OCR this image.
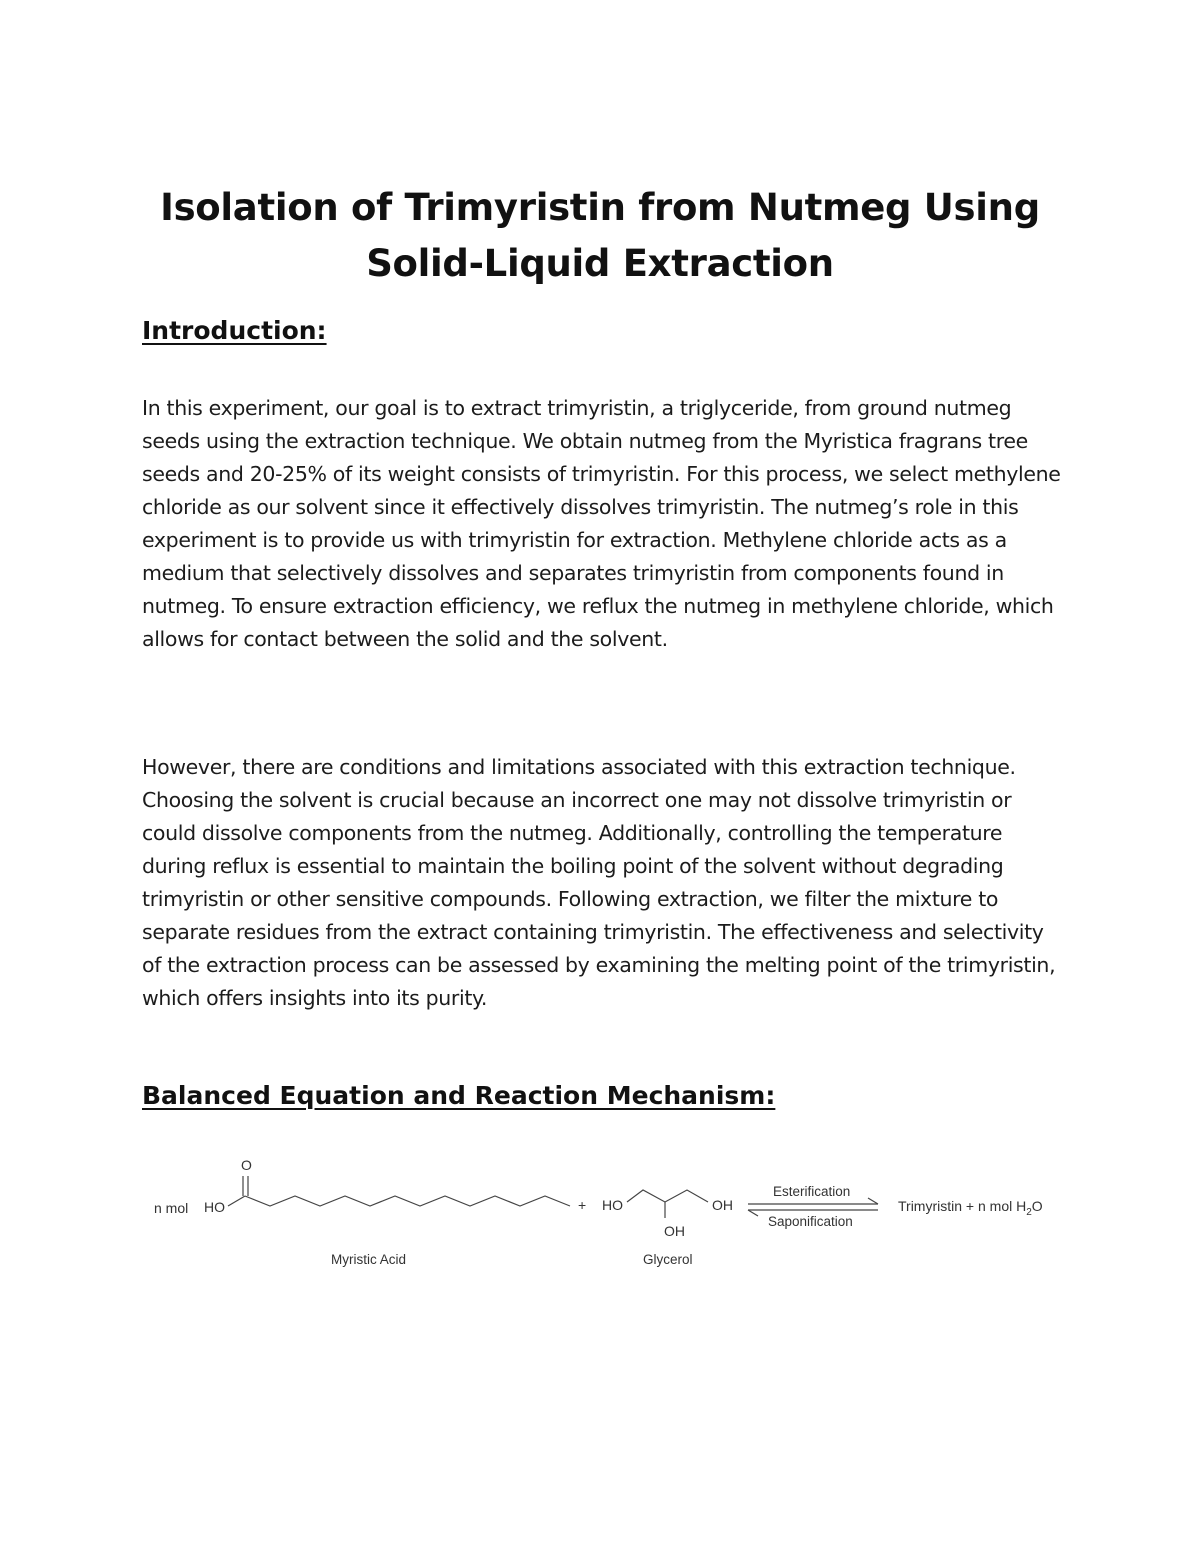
Isolation of Trimyristin from Nutmeg Using Solid-Liquid Extraction
Introduction:

In this experiment, our goal is to extract trimyristin, a triglyceride, from ground nutmeg seeds using the extraction technique. We obtain nutmeg from the Myristica fragrans tree seeds and 20-25% of its weight consists of trimyristin. For this process, we select methylene chloride as our solvent since it effectively dissolves trimyristin. The nutmeg’s role in this experiment is to provide us with trimyristin for extraction. Methylene chloride acts as a medium that selectively dissolves and separates trimyristin from components found in nutmeg. To ensure extraction efficiency, we reflux the nutmeg in methylene chloride, which allows for contact between the solid and the solvent.

However, there are conditions and limitations associated with this extraction technique. Choosing the solvent is crucial because an incorrect one may not dissolve trimyristin or could dissolve components from the nutmeg. Additionally, controlling the temperature during reflux is essential to maintain the boiling point of the solvent without degrading trimyristin or other sensitive compounds. Following extraction, we filter the mixture to separate residues from the extract containing trimyristin. The effectiveness and selectivity of the extraction process can be assessed by examining the melting point of the trimyristin, which offers insights into its purity.

Balanced Equation and Reaction Mechanism:
n mol HO
O
Myristic Acid
+ HO	OH
OH
Glycerol
Esterification
Saponification
Trimyristin + n mol $H_2O$
